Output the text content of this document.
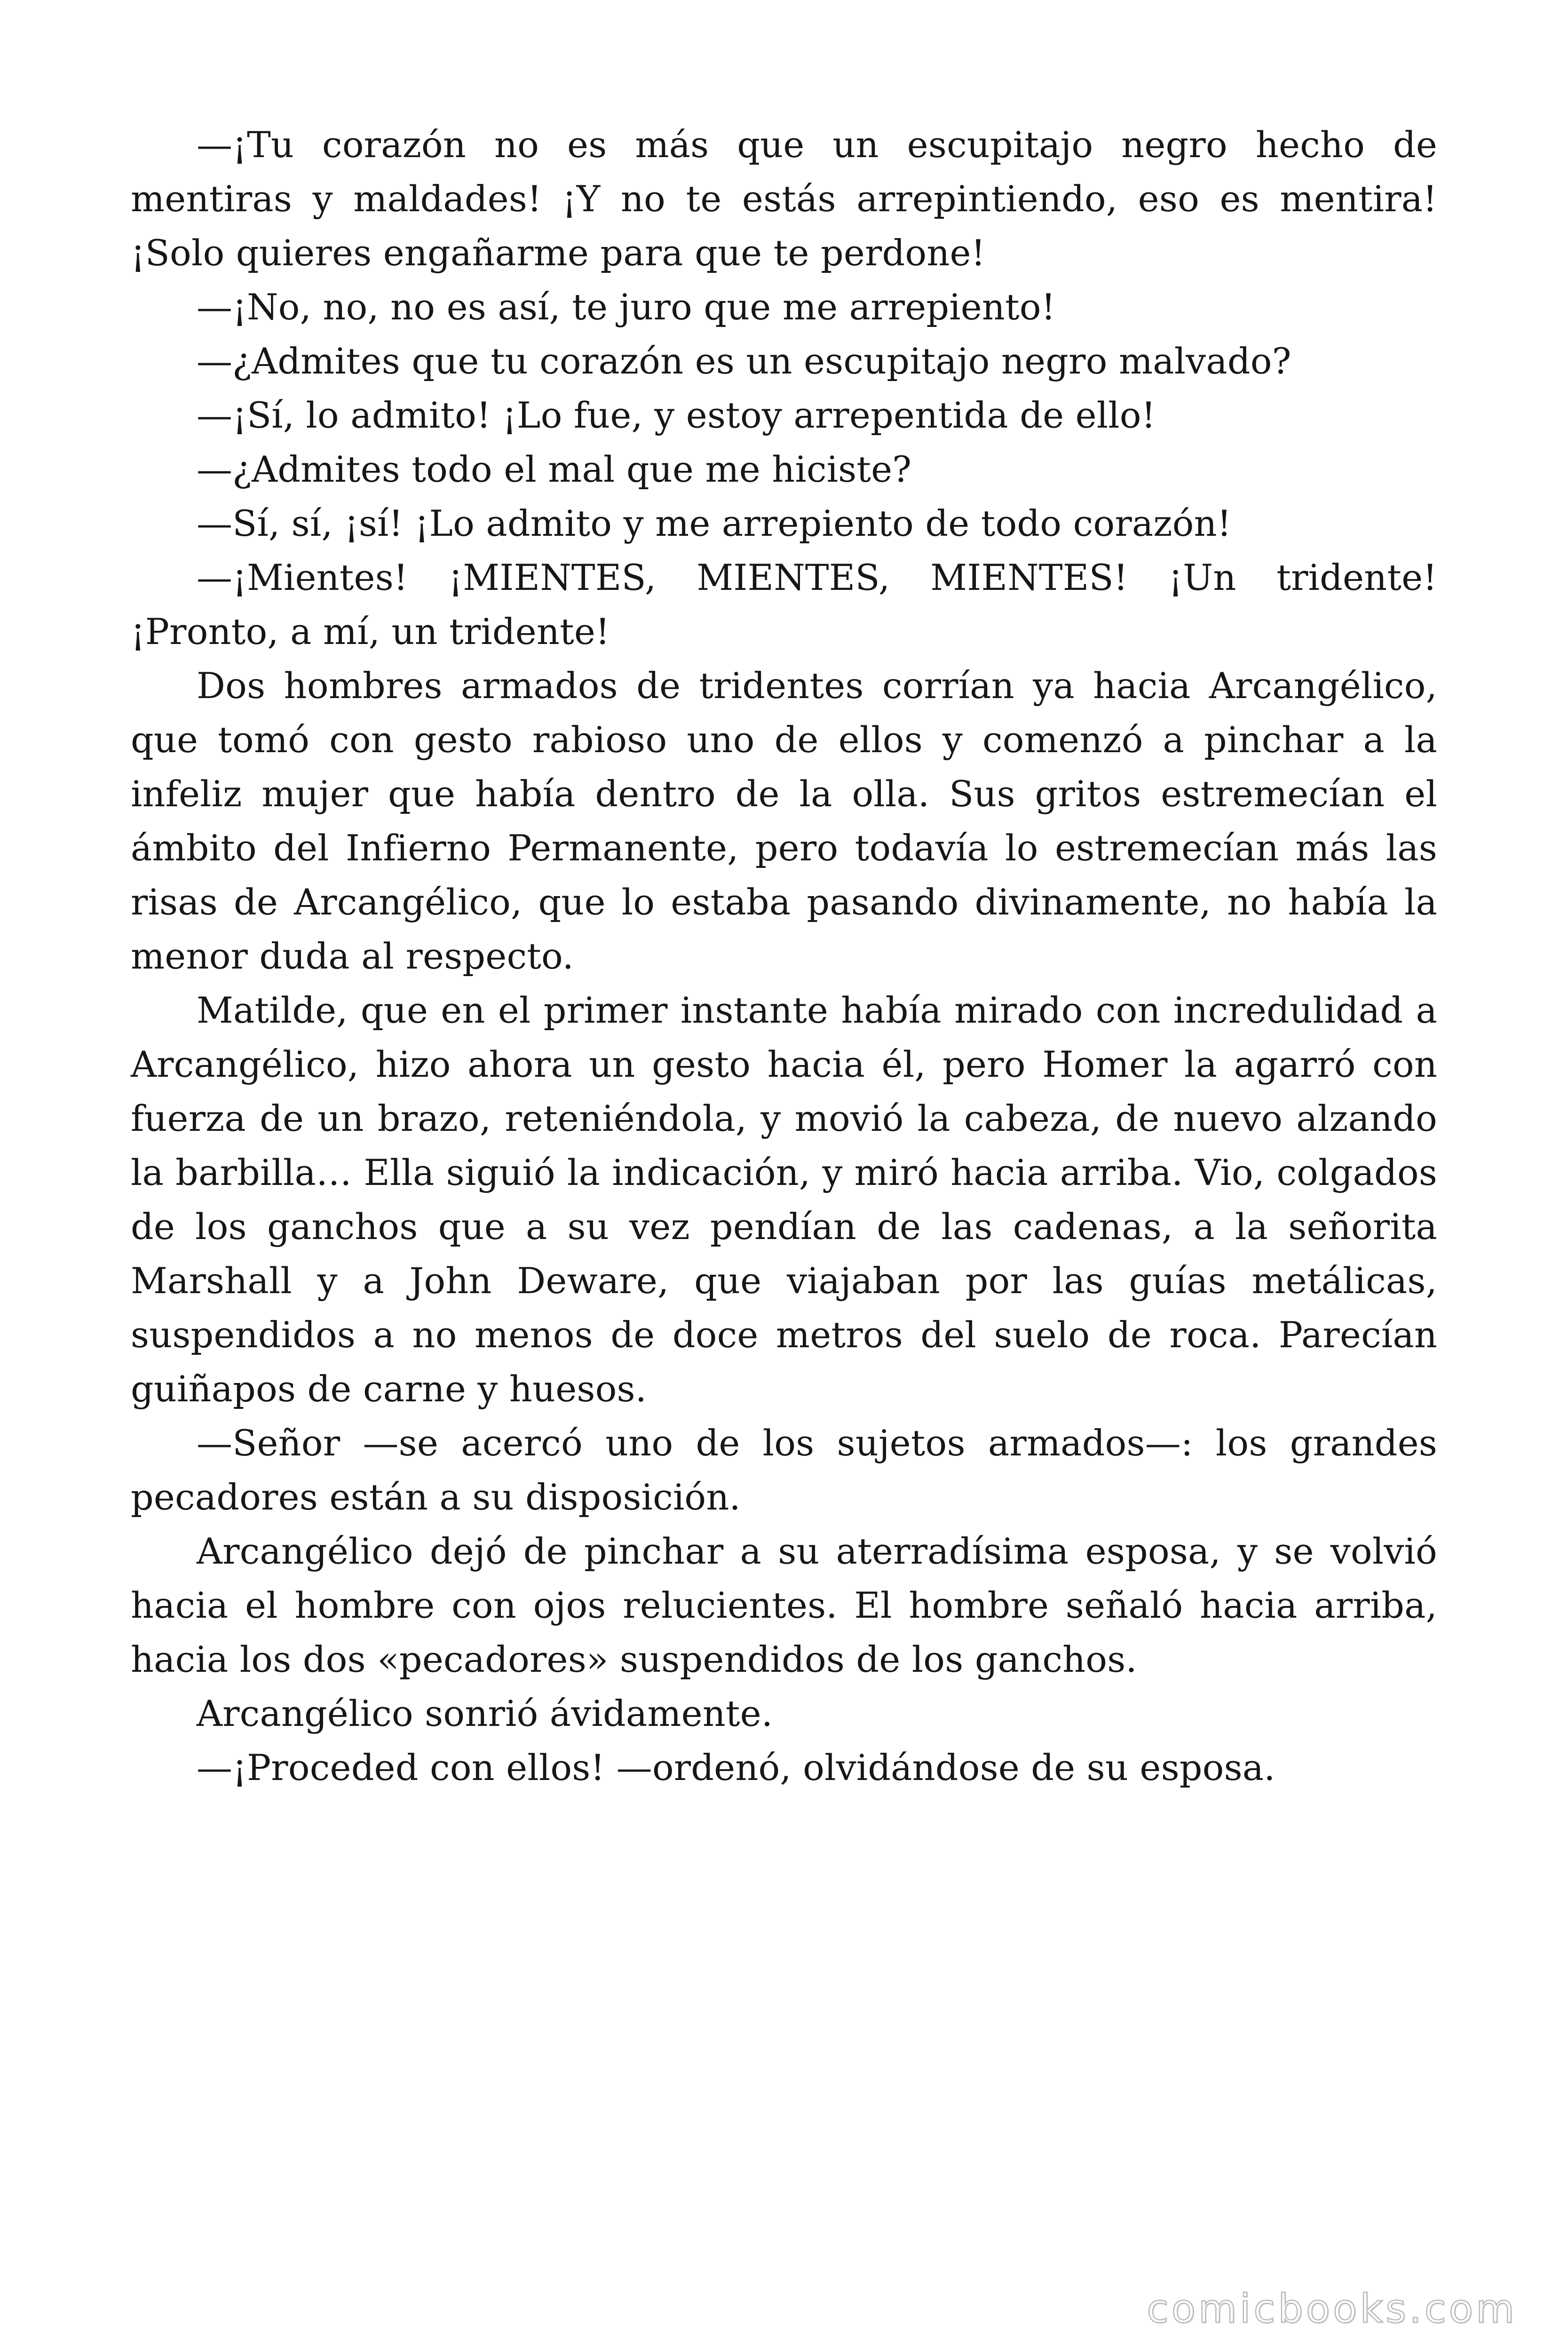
—¡Tu corazón no es más que un escupitajo negro hecho de mentiras y maldades! ¡Y no te estás arrepintiendo, eso es mentira! ¡Solo quieres engañarme para que te perdone!

—¡No, no, no es así, te juro que me arrepiento!

—¿Admites que tu corazón es un escupitajo negro malvado?

—¡Sí, lo admito! ¡Lo fue, y estoy arrepentida de ello!

—¿Admites todo el mal que me hiciste?

—Sí, sí, ¡sí! ¡Lo admito y me arrepiento de todo corazón!

—¡Mientes! ¡MIENTES, MIENTES, MIENTES! ¡Un tridente! ¡Pronto, a mí, un tridente!

Dos hombres armados de tridentes corrían ya hacia Arcangélico, que tomó con gesto rabioso uno de ellos y comenzó a pinchar a la infeliz mujer que había dentro de la olla. Sus gritos estremecían el ámbito del Infierno Permanente, pero todavía lo estremecían más las risas de Arcangélico, que lo estaba pasando divinamente, no había la menor duda al respecto.

Matilde, que en el primer instante había mirado con incredulidad a Arcangélico, hizo ahora un gesto hacia él, pero Homer la agarró con fuerza de un brazo, reteniéndola, y movió la cabeza, de nuevo alzando la barbilla… Ella siguió la indicación, y miró hacia arriba. Vio, colgados de los ganchos que a su vez pendían de las cadenas, a la señorita Marshall y a John Deware, que viajaban por las guías metálicas, suspendidos a no menos de doce metros del suelo de roca. Parecían guiñapos de carne y huesos.

—Señor —se acercó uno de los sujetos armados—: los grandes pecadores están a su disposición.

Arcangélico dejó de pinchar a su aterradísima esposa, y se volvió hacia el hombre con ojos relucientes. El hombre señaló hacia arriba, hacia los dos «pecadores» suspendidos de los ganchos.

Arcangélico sonrió ávidamente.

—¡Proceded con ellos! —ordenó, olvidándose de su esposa.

comicbooks.com
